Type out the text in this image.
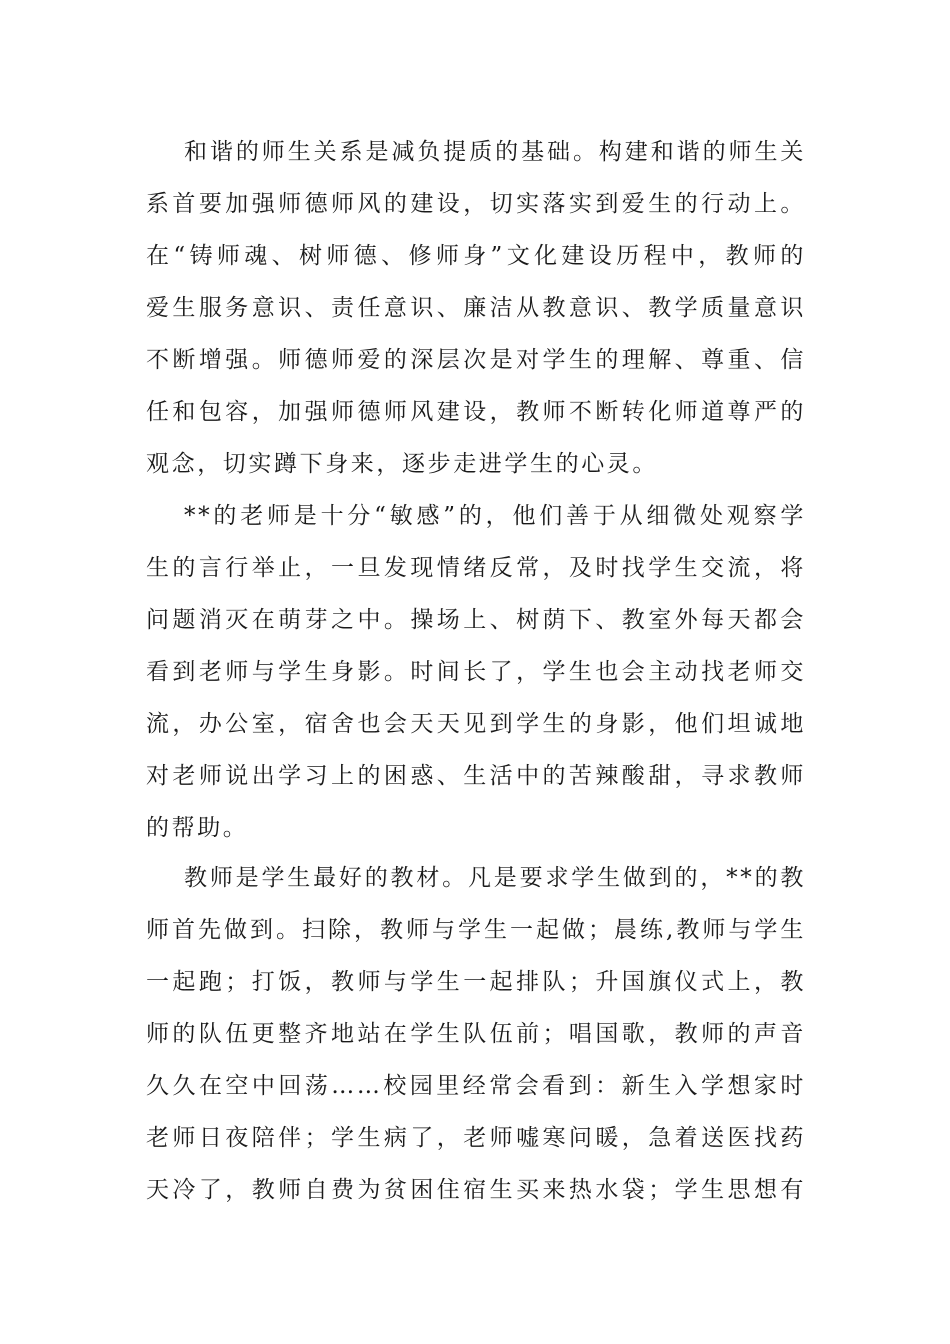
和谐的师生关系是减负提质的基础。构建和谐的师生关
系首要加强师德师风的建设，切实落实到爱生的行动上。
在“铸师魂、树师德、修师身”文化建设历程中，教师的
爱生服务意识、责任意识、廉洁从教意识、教学质量意识
不断增强。师德师爱的深层次是对学生的理解、尊重、信
任和包容，加强师德师风建设，教师不断转化师道尊严的
观念，切实蹲下身来，逐步走进学生的心灵。
**的老师是十分“敏感”的，他们善于从细微处观察学
生的言行举止，一旦发现情绪反常，及时找学生交流，将
问题消灭在萌芽之中。操场上、树荫下、教室外每天都会
看到老师与学生身影。时间长了，学生也会主动找老师交
流，办公室，宿舍也会天天见到学生的身影，他们坦诚地
对老师说出学习上的困惑、生活中的苦辣酸甜，寻求教师
的帮助。
教师是学生最好的教材。凡是要求学生做到的，**的教
师首先做到。扫除，教师与学生一起做；晨练,教师与学生
一起跑；打饭，教师与学生一起排队；升国旗仪式上，教
师的队伍更整齐地站在学生队伍前；唱国歌，教师的声音
久久在空中回荡……校园里经常会看到：新生入学想家时
老师日夜陪伴；学生病了，老师嘘寒问暖，急着送医找药
天冷了，教师自费为贫困住宿生买来热水袋；学生思想有
